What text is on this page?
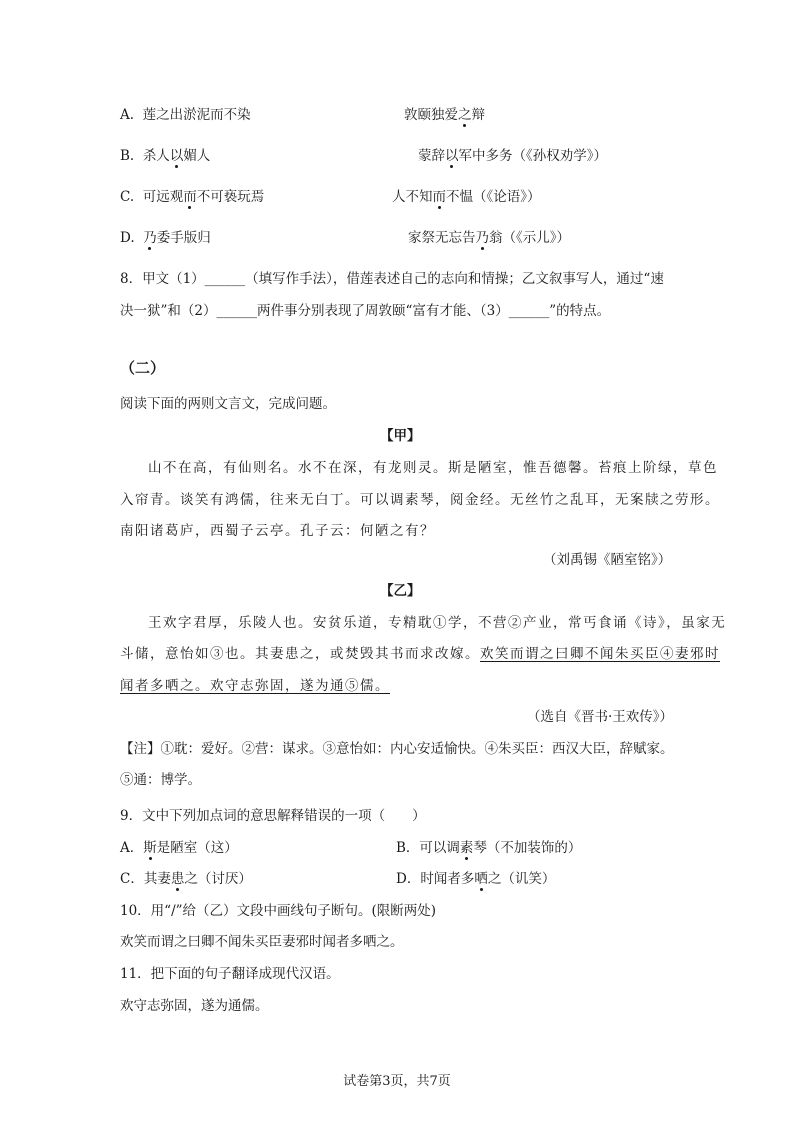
A. 莲之出淤泥而不染	敦颐独爱之辩
B. 杀人以媚人	蒙辞以军中多务（《孙权劝学》）
C. 可远观而不可亵玩焉	人不知而不愠（《论语》）
D. 乃委手版归	家祭无忘告乃翁（《示儿》）
8．甲文（1）______（填写作手法），借莲表述自己的志向和情操；乙文叙事写人，通过“速
决一狱”和（2）______两件事分别表现了周敦颐“富有才能、（3）______”的特点。
（二）
阅读下面的两则文言文，完成问题。
【甲】
山不在高，有仙则名。水不在深，有龙则灵。斯是陋室，惟吾德馨。苔痕上阶绿，草色
入帘青。谈笑有鸿儒，往来无白丁。可以调素琴，阅金经。无丝竹之乱耳，无案牍之劳形。
南阳诸葛庐，西蜀子云亭。孔子云：何陋之有？
（刘禹锡《陋室铭》）
【乙】
王欢字君厚，乐陵人也。安贫乐道，专精耽①学，不营②产业，常丐食诵《诗》，虽家无
斗储，意怡如③也。其妻患之，或焚毁其书而求改嫁。欢笑而谓之曰卿不闻朱买臣④妻邪时
闻者多哂之。欢守志弥固，遂为通⑤儒。
（选自《晋书·王欢传》）
【注】①耽：爱好。②营：谋求。③意怡如：内心安适愉快。④朱买臣：西汉大臣，辞赋家。
⑤通：博学。
9．文中下列加点词的意思解释错误的一项（　　）
A．斯是陋室（这）	B．可以调素琴（不加装饰的）
C．其妻患之（讨厌）	D．时闻者多哂之（讥笑）
10．用“/”给（乙）文段中画线句子断句。(限断两处)
欢笑而谓之曰卿不闻朱买臣妻邪时闻者多哂之。
11．把下面的句子翻译成现代汉语。
欢守志弥固，遂为通儒。
试卷第3页，共7页
